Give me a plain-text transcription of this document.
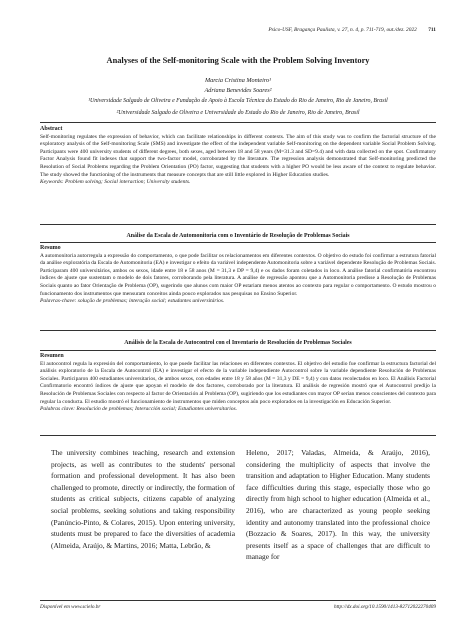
Psico-USF, Bragança Paulista, v. 27, n. 4, p. 711-719, out./dez. 2022 711
Analyses of the Self-monitoring Scale with the Problem Solving Inventory
Marcia Cristina Monteiro¹
Adriana Benevides Soares²
¹Universidade Salgado de Oliveira e Fundação de Apoio à Escola Técnica do Estado do Rio de Janeiro, Rio de Janeiro, Brasil
²Universidade Salgado de Oliveira e Universidade do Estado do Rio de Janeiro, Rio de Janeiro, Brasil
Abstract
Self-monitoring regulates the expression of behavior, which can facilitate relationships in different contexts. The aim of this study was to confirm the factorial structure of the exploratory analysis of the Self-monitoring Scale (SMS) and investigate the effect of the independent variable Self-monitoring on the dependent variable Social Problem Solving. Participants were 400 university students of different degrees, both sexes, aged between 18 and 58 years (M=31.3 and SD=9.4) and with data collected on the spot. Confirmatory Factor Analysis found fit indexes that support the two-factor model, corroborated by the literature. The regression analysis demonstrated that Self-monitoring predicted the Resolution of Social Problems regarding the Problem Orientation (PO) factor, suggesting that students with a higher PO would be less aware of the context to regulate behavior. The study showed the functioning of the instruments that measure concepts that are still little explored in Higher Education studies.
Keywords: Problem solving; Social interaction; University students.
Análise da Escala de Automonitoria com o Inventário de Resolução de Problemas Sociais
Resumo
A automonitoria autorregula a expressão do comportamento, o que pode facilitar os relacionamentos em diferentes contextos. O objetivo do estudo foi confirmar a estrutura fatorial da análise exploratória da Escala de Automonitoria (EA) e investigar o efeito da variável independente Automonitoria sobre a variável dependente Resolução de Problemas Sociais. Participaram 400 universitários, ambos os sexos, idade entre 18 e 58 anos (M = 31,3 e DP = 9,4) e os dados foram coletados in loco. A análise fatorial confirmatória encontrou índices de ajuste que sustentam o modelo de dois fatores, corroborando pela literatura. A análise de regressão apontou que a Automonitoria predisse a Resolução de Problemas Sociais quanto ao fator Orientação de Problema (OP), sugerindo que alunos com maior OP estariam menos atentos ao contexto para regular o comportamento. O estudo mostrou o funcionamento dos instrumentos que mensuram conceitos ainda pouco explorados nas pesquisas no Ensino Superior.
Palavras-chave: solução de problemas; interação social; estudantes universitários.
Análisis de la Escala de Autocontrol con el Inventario de Resolución de Problemas Sociales
Resumen
El autocontrol regula la expresión del comportamiento, lo que puede facilitar las relaciones en diferentes contextos. El objetivo del estudio fue confirmar la estructura factorial del análisis exploratorio de la Escala de Autocontrol (EA) e investigar el efecto de la variable independiente Autocontrol sobre la variable dependiente Resolución de Problemas Sociales. Participaron 400 estudiantes universitarios, de ambos sexos, con edades entre 18 y 58 años (M = 31,3 y DE = 9,4) y con datos recolectados en loco. El Análisis Factorial Confirmatorio encontró índices de ajuste que apoyan el modelo de dos factores, corroborado por la literatura. El análisis de regresión mostró que el Autocontrol predijo la Resolución de Problemas Sociales con respecto al factor de Orientación al Problema (OP), sugiriendo que los estudiantes con mayor OP serían menos conscientes del contexto para regular la conducta. El estudio mostró el funcionamiento de instrumentos que miden conceptos aún poco explorados en la investigación en Educación Superior.
Palabras clave: Resolución de problemas; Interacción social; Estudiantes universitarios.
The university combines teaching, research and extension projects, as well as contributes to the students' personal formation and professional development. It has also been challenged to promote, directly or indirectly, the formation of students as critical subjects, citizens capable of analyzing social problems, seeking solutions and taking responsibility (Panúncio-Pinto, & Colares, 2015). Upon entering university, students must be prepared to face the diversities of academia (Almeida, Araújo, & Martins, 2016; Matta, Lebrão, &
Heleno, 2017; Valadas, Almeida, & Araújo, 2016), considering the multiplicity of aspects that involve the transition and adaptation to Higher Education. Many students face difficulties during this stage, especially those who go directly from high school to higher education (Almeida et al., 2016), who are characterized as young people seeking identity and autonomy translated into the professional choice (Bozzacio & Soares, 2017). In this way, the university presents itself as a space of challenges that are difficult to manage for
Disponível em www.scielo.br	http://dx.doi.org/10.1590/1413-82712022270409
